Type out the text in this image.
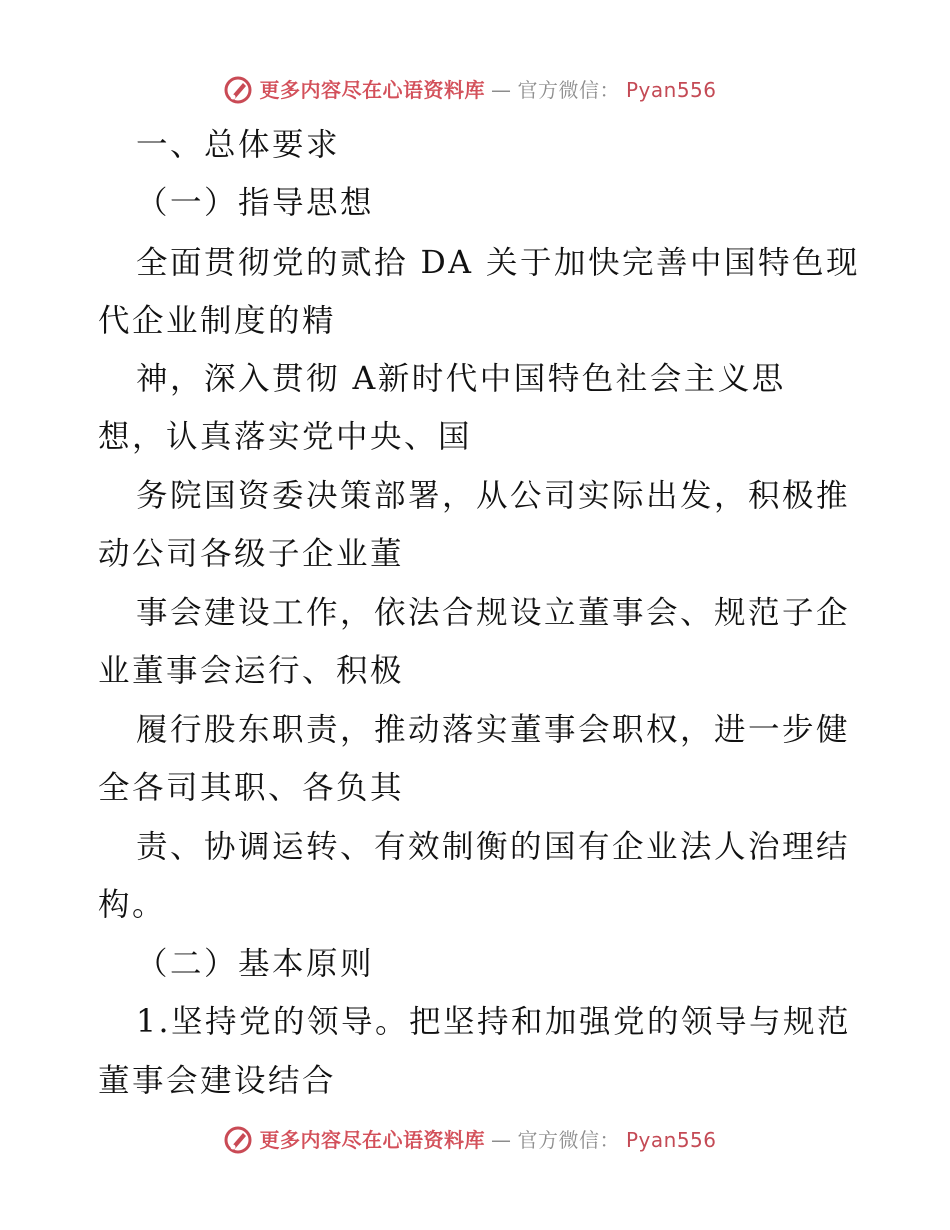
更多内容尽在心语资料库 — 官方微信： Pyan556
一、总体要求
（一）指导思想
全面贯彻党的贰拾 DA 关于加快完善中国特色现
代企业制度的精
神，深入贯彻 A新时代中国特色社会主义思
想，认真落实党中央、国
务院国资委决策部署，从公司实际出发，积极推
动公司各级子企业董
事会建设工作，依法合规设立董事会、规范子企
业董事会运行、积极
履行股东职责，推动落实董事会职权，进一步健
全各司其职、各负其
责、协调运转、有效制衡的国有企业法人治理结
构。
（二）基本原则
1.坚持党的领导。把坚持和加强党的领导与规范
董事会建设结合
更多内容尽在心语资料库 — 官方微信： Pyan556
